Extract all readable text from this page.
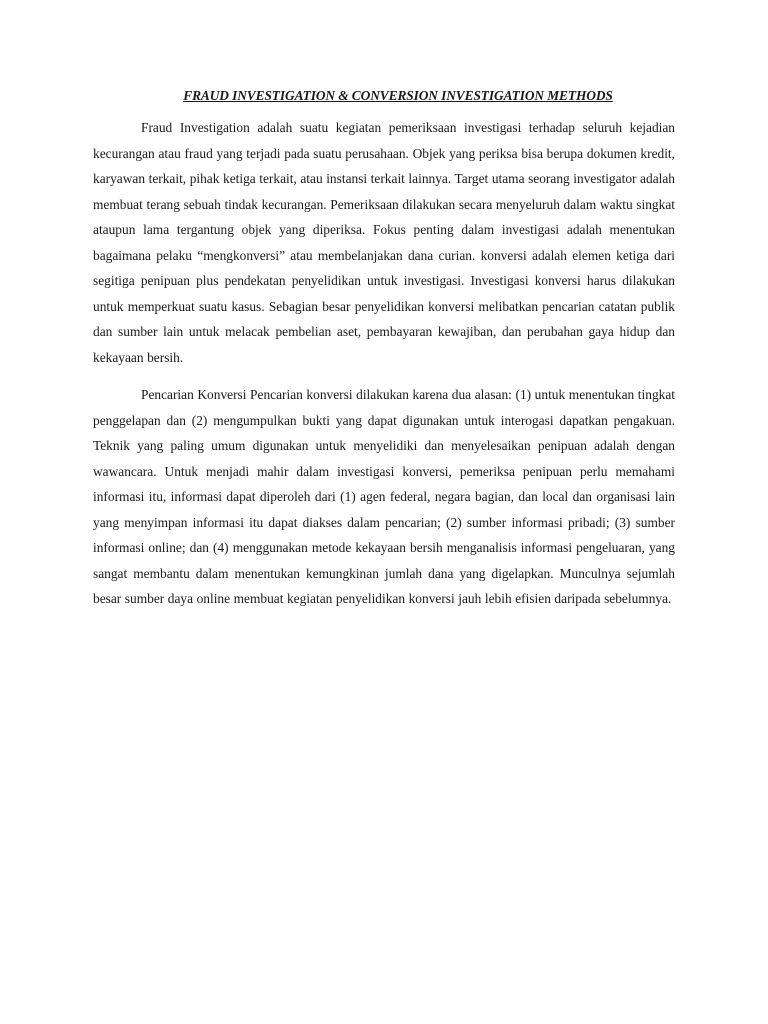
FRAUD INVESTIGATION & CONVERSION INVESTIGATION METHODS

Fraud Investigation adalah suatu kegiatan pemeriksaan investigasi terhadap seluruh kejadian kecurangan atau fraud yang terjadi pada suatu perusahaan. Objek yang periksa bisa berupa dokumen kredit, karyawan terkait, pihak ketiga terkait, atau instansi terkait lainnya. Target utama seorang investigator adalah membuat terang sebuah tindak kecurangan. Pemeriksaan dilakukan secara menyeluruh dalam waktu singkat ataupun lama tergantung objek yang diperiksa. Fokus penting dalam investigasi adalah menentukan bagaimana pelaku “mengkonversi” atau membelanjakan dana curian. konversi adalah elemen ketiga dari segitiga penipuan plus pendekatan penyelidikan untuk investigasi. Investigasi konversi harus dilakukan untuk memperkuat suatu kasus. Sebagian besar penyelidikan konversi melibatkan pencarian catatan publik dan sumber lain untuk melacak pembelian aset, pembayaran kewajiban, dan perubahan gaya hidup dan kekayaan bersih.

Pencarian Konversi Pencarian konversi dilakukan karena dua alasan: (1) untuk menentukan tingkat penggelapan dan (2) mengumpulkan bukti yang dapat digunakan untuk interogasi dapatkan pengakuan. Teknik yang paling umum digunakan untuk menyelidiki dan menyelesaikan penipuan adalah dengan wawancara. Untuk menjadi mahir dalam investigasi konversi, pemeriksa penipuan perlu memahami informasi itu, informasi dapat diperoleh dari (1) agen federal, negara bagian, dan local dan organisasi lain yang menyimpan informasi itu dapat diakses dalam pencarian; (2) sumber informasi pribadi; (3) sumber informasi online; dan (4) menggunakan metode kekayaan bersih menganalisis informasi pengeluaran, yang sangat membantu dalam menentukan kemungkinan jumlah dana yang digelapkan. Munculnya sejumlah besar sumber daya online membuat kegiatan penyelidikan konversi jauh lebih efisien daripada sebelumnya.
